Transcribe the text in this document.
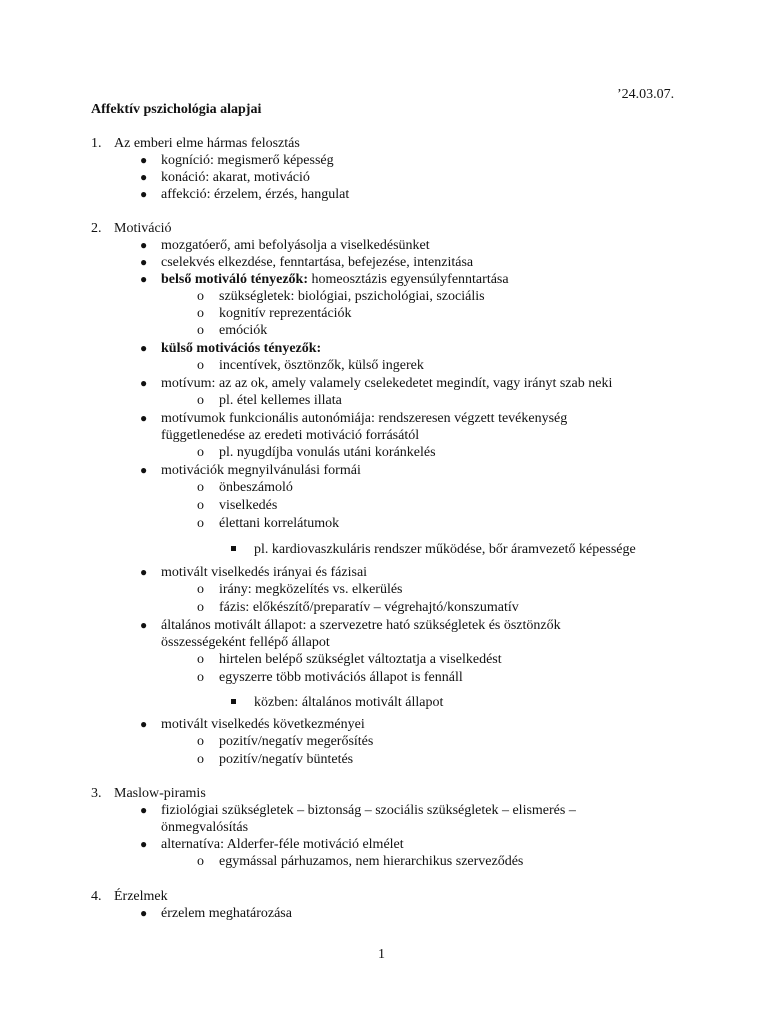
’24.03.07.
Affektív pszichológia alapjai
1. Az emberi elme hármas felosztás
● kogníció: megismerő képesség
● konáció: akarat, motiváció
● affekció: érzelem, érzés, hangulat
2. Motiváció
● mozgatóerő, ami befolyásolja a viselkedésünket
● cselekvés elkezdése, fenntartása, befejezése, intenzitása
● belső motiváló tényezők: homeosztázis egyensúlyfenntartása
o szükségletek: biológiai, pszichológiai, szociális
o kognitív reprezentációk
o emóciók
● külső motivációs tényezők:
o incentívek, ösztönzők, külső ingerek
● motívum: az az ok, amely valamely cselekedetet megindít, vagy irányt szab neki
o pl. étel kellemes illata
● motívumok funkcionális autonómiája: rendszeresen végzett tevékenység
függetlenedése az eredeti motiváció forrásától
o pl. nyugdíjba vonulás utáni koránkelés
● motivációk megnyilvánulási formái
o önbeszámoló
o viselkedés
o élettani korrelátumok
pl. kardiovaszkuláris rendszer működése, bőr áramvezető képessége
● motivált viselkedés irányai és fázisai
o irány: megközelítés vs. elkerülés
o fázis: előkészítő/preparatív – végrehajtó/konszumatív
● általános motivált állapot: a szervezetre ható szükségletek és ösztönzők
összességeként fellépő állapot
o hirtelen belépő szükséglet változtatja a viselkedést
o egyszerre több motivációs állapot is fennáll
közben: általános motivált állapot
● motivált viselkedés következményei
o pozitív/negatív megerősítés
o pozitív/negatív büntetés
3. Maslow-piramis
● fiziológiai szükségletek – biztonság – szociális szükségletek – elismerés –
önmegvalósítás
● alternatíva: Alderfer-féle motiváció elmélet
o egymással párhuzamos, nem hierarchikus szerveződés
4. Érzelmek
● érzelem meghatározása
1
